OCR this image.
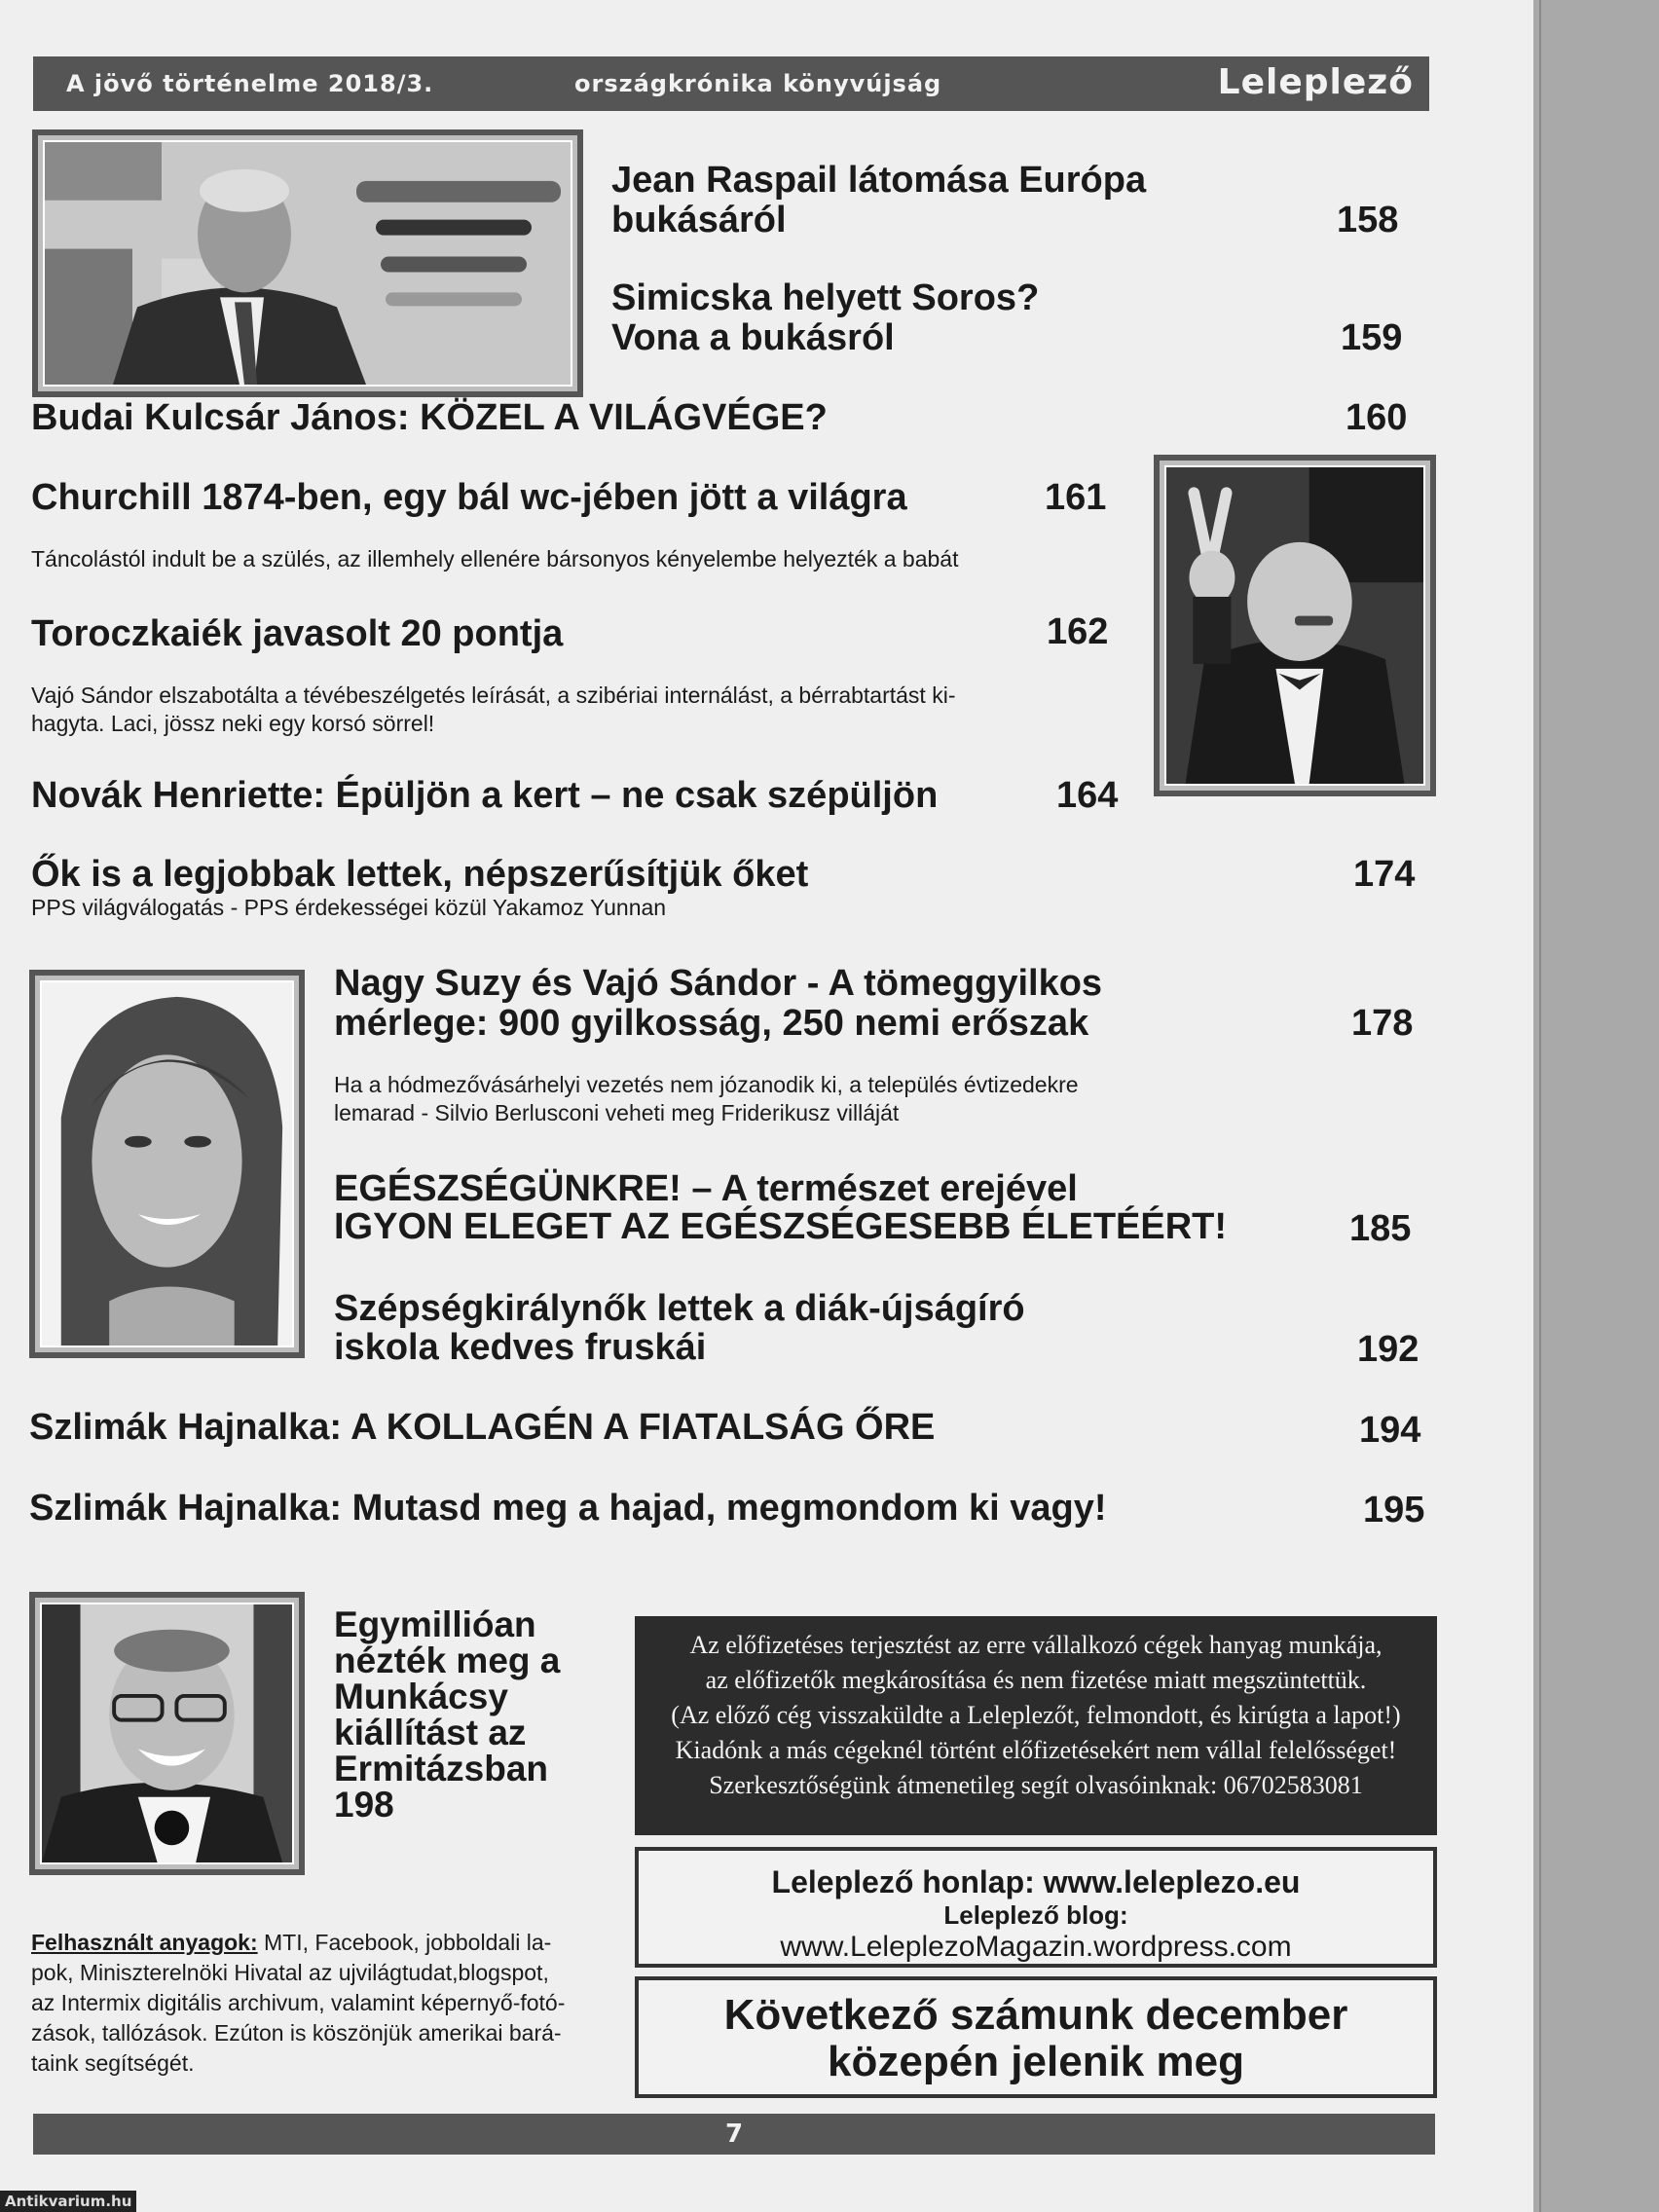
A jövő történelme 2018/3.	országkrónika könyvújság	Leleplező
Jean Raspail látomása Európa bukásáról	158
Simicska helyett Soros? Vona a bukásról	159
Budai Kulcsár János: KÖZEL A VILÁGVÉGE?	160
Churchill 1874-ben, egy bál wc-jében jött a világra	161
Táncolástól indult be a szülés, az illemhely ellenére bársonyos kényelembe helyezték a babát
Toroczkaiék javasolt 20 pontja	162
Vajó Sándor elszabotálta a tévébeszélgetés leírását, a szibériai internálást, a bérrabtartást ki-
hagyta. Laci, jössz neki egy korsó sörrel!
Novák Henriette: Épüljön a kert – ne csak szépüljön	164
Ők is a legjobbak lettek, népszerűsítjük őket	174
PPS világválogatás - PPS érdekességei közül Yakamoz Yunnan
Nagy Suzy és Vajó Sándor - A tömeggyilkos
mérlege: 900 gyilkosság, 250 nemi erőszak	178
Ha a hódmezővásárhelyi vezetés nem józanodik ki, a település évtizedekre
lemarad - Silvio Berlusconi veheti meg Friderikusz villáját
EGÉSZSÉGÜNKRE! – A természet erejével
IGYON ELEGET AZ EGÉSZSÉGESEBB ÉLETÉÉRT!	185
Szépségkirálynők lettek a diák-újságíró
iskola kedves fruskái	192
Szlimák Hajnalka: A KOLLAGÉN A FIATALSÁG ŐRE	194
Szlimák Hajnalka: Mutasd meg a hajad, megmondom ki vagy!	195
Egymillióan
nézték meg a
Munkácsy
kiállítást az
Ermitázsban
198
Az előfizetéses terjesztést az erre vállalkozó cégek hanyag munkája,
az előfizetők megkárosítása és nem fizetése miatt megszüntettük.
(Az előző cég visszaküldte a Leleplezőt, felmondott, és kirúgta a lapot!)
Kiadónk a más cégeknél történt előfizetésekért nem vállal felelősséget!
Szerkesztőségünk átmenetileg segít olvasóinknak: 06702583081
Leleplező honlap: www.leleplezo.eu
Leleplező blog:
www.LeleplezoMagazin.wordpress.com
Következő számunk december
közepén jelenik meg
Felhasznált anyagok: MTI, Facebook, jobboldali la-
pok, Miniszterelnöki Hivatal az ujvilágtudat,blogspot,
az Intermix digitális archivum, valamint képernyő-fotó-
zások, tallózások. Ezúton is köszönjük amerikai bará-
taink segítségét.
7
Antikvarium.hu
